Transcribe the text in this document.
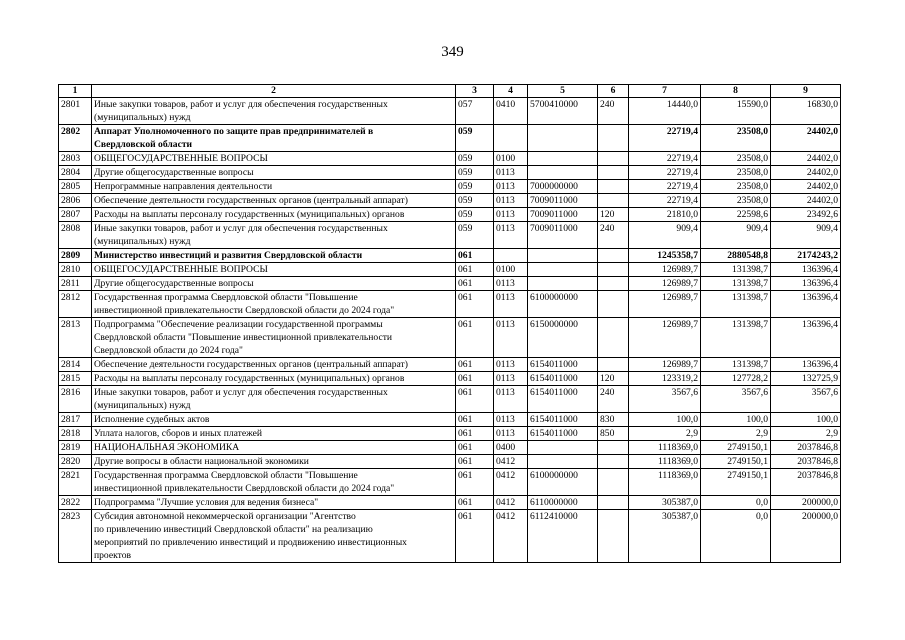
349
1	2	3	4	5	6	7	8	9
2801	Иные закупки товаров, работ и услуг для обеспечения государственных
(муниципальных) нужд	057	0410	5700410000	240	14440,0	15590,0	16830,0
2802	Аппарат Уполномоченного по защите прав предпринимателей в
Свердловской области	059				22719,4	23508,0	24402,0
2803	ОБЩЕГОСУДАРСТВЕННЫЕ ВОПРОСЫ	059	0100			22719,4	23508,0	24402,0
2804	Другие общегосударственные вопросы	059	0113			22719,4	23508,0	24402,0
2805	Непрограммные направления деятельности	059	0113	7000000000		22719,4	23508,0	24402,0
2806	Обеспечение деятельности государственных органов (центральный аппарат)	059	0113	7009011000		22719,4	23508,0	24402,0
2807	Расходы на выплаты персоналу государственных (муниципальных) органов	059	0113	7009011000	120	21810,0	22598,6	23492,6
2808	Иные закупки товаров, работ и услуг для обеспечения государственных
(муниципальных) нужд	059	0113	7009011000	240	909,4	909,4	909,4
2809	Министерство инвестиций и развития Свердловской области	061				1245358,7	2880548,8	2174243,2
2810	ОБЩЕГОСУДАРСТВЕННЫЕ ВОПРОСЫ	061	0100			126989,7	131398,7	136396,4
2811	Другие общегосударственные вопросы	061	0113			126989,7	131398,7	136396,4
2812	Государственная программа Свердловской области "Повышение
инвестиционной привлекательности Свердловской области до 2024 года"	061	0113	6100000000		126989,7	131398,7	136396,4
2813	Подпрограмма "Обеспечение реализации государственной программы
Свердловской области "Повышение инвестиционной привлекательности
Свердловской области до 2024 года"	061	0113	6150000000		126989,7	131398,7	136396,4
2814	Обеспечение деятельности государственных органов (центральный аппарат)	061	0113	6154011000		126989,7	131398,7	136396,4
2815	Расходы на выплаты персоналу государственных (муниципальных) органов	061	0113	6154011000	120	123319,2	127728,2	132725,9
2816	Иные закупки товаров, работ и услуг для обеспечения государственных
(муниципальных) нужд	061	0113	6154011000	240	3567,6	3567,6	3567,6
2817	Исполнение судебных актов	061	0113	6154011000	830	100,0	100,0	100,0
2818	Уплата налогов, сборов и иных платежей	061	0113	6154011000	850	2,9	2,9	2,9
2819	НАЦИОНАЛЬНАЯ ЭКОНОМИКА	061	0400			1118369,0	2749150,1	2037846,8
2820	Другие вопросы в области национальной экономики	061	0412			1118369,0	2749150,1	2037846,8
2821	Государственная программа Свердловской области "Повышение
инвестиционной привлекательности Свердловской области до 2024 года"	061	0412	6100000000		1118369,0	2749150,1	2037846,8
2822	Подпрограмма "Лучшие условия для ведения бизнеса"	061	0412	6110000000		305387,0	0,0	200000,0
2823	Субсидия автономной некоммерческой организации "Агентство
по привлечению инвестиций Свердловской области" на реализацию
мероприятий по привлечению инвестиций и продвижению инвестиционных
проектов	061	0412	6112410000		305387,0	0,0	200000,0
